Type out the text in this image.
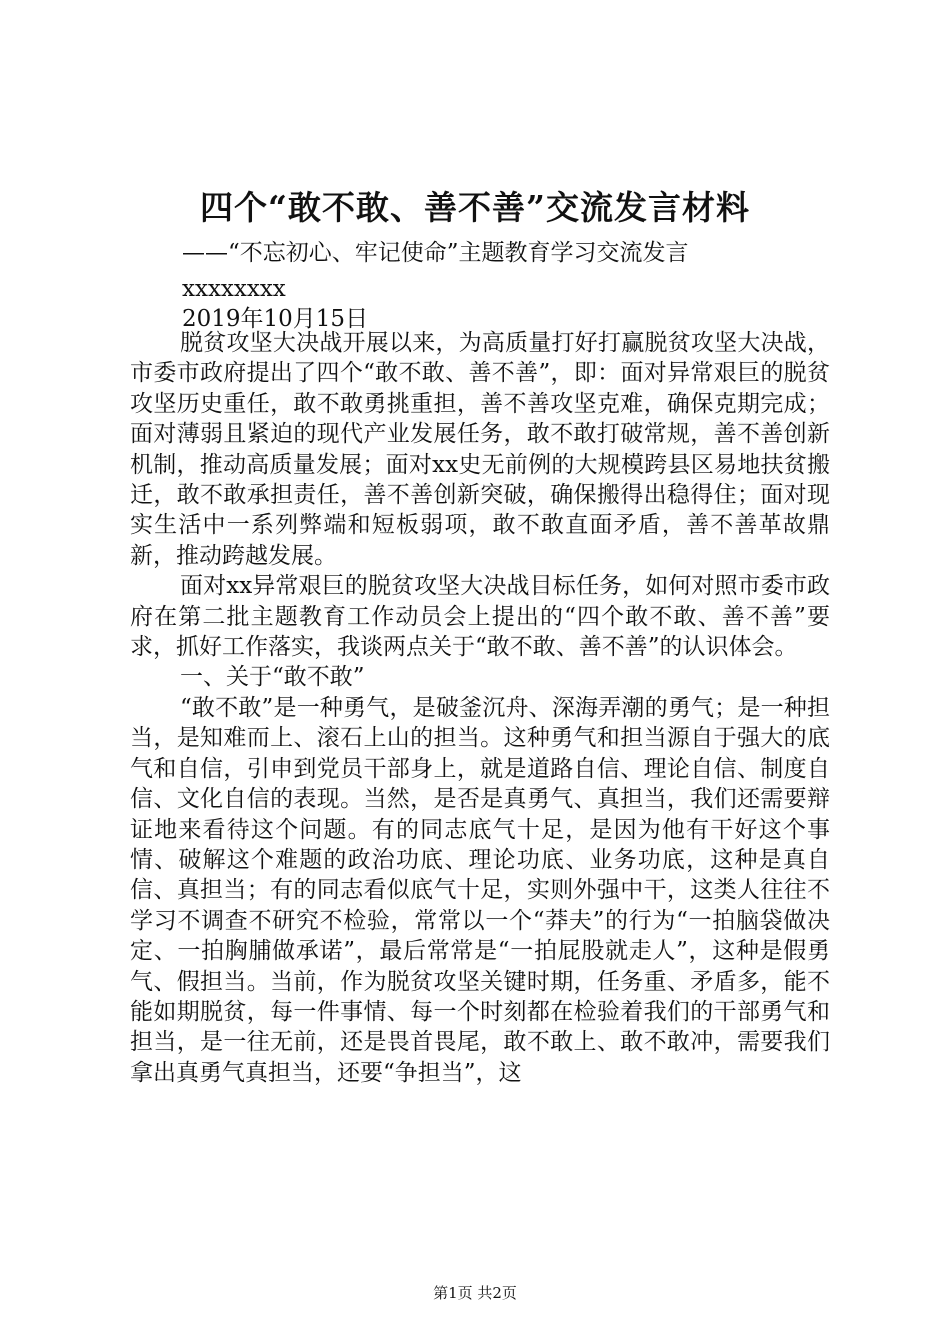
四个“敢不敢、善不善”交流发言材料

——“不忘初心、牢记使命”主题教育学习交流发言

xxxxxxxx

2019年10月15日

脱贫攻坚大决战开展以来，为高质量打好打赢脱贫攻坚大决战，市委市政府提出了四个“敢不敢、善不善”，即：面对异常艰巨的脱贫攻坚历史重任，敢不敢勇挑重担，善不善攻坚克难，确保克期完成；面对薄弱且紧迫的现代产业发展任务，敢不敢打破常规，善不善创新机制，推动高质量发展；面对xx史无前例的大规模跨县区易地扶贫搬迁，敢不敢承担责任，善不善创新突破，确保搬得出稳得住；面对现实生活中一系列弊端和短板弱项，敢不敢直面矛盾，善不善革故鼎新，推动跨越发展。

面对xx异常艰巨的脱贫攻坚大决战目标任务，如何对照市委市政府在第二批主题教育工作动员会上提出的“四个敢不敢、善不善”要求，抓好工作落实，我谈两点关于“敢不敢、善不善”的认识体会。

一、关于“敢不敢”

“敢不敢”是一种勇气，是破釜沉舟、深海弄潮的勇气；是一种担当，是知难而上、滚石上山的担当。这种勇气和担当源自于强大的底气和自信，引申到党员干部身上，就是道路自信、理论自信、制度自信、文化自信的表现。当然，是否是真勇气、真担当，我们还需要辩证地来看待这个问题。有的同志底气十足，是因为他有干好这个事情、破解这个难题的政治功底、理论功底、业务功底，这种是真自信、真担当；有的同志看似底气十足，实则外强中干，这类人往往不学习不调查不研究不检验，常常以一个“莽夫”的行为“一拍脑袋做决定、一拍胸脯做承诺”，最后常常是“一拍屁股就走人”，这种是假勇气、假担当。当前，作为脱贫攻坚关键时期，任务重、矛盾多，能不能如期脱贫，每一件事情、每一个时刻都在检验着我们的干部勇气和担当，是一往无前，还是畏首畏尾，敢不敢上、敢不敢冲，需要我们拿出真勇气真担当，还要“争担当”，这

第1页 共2页
